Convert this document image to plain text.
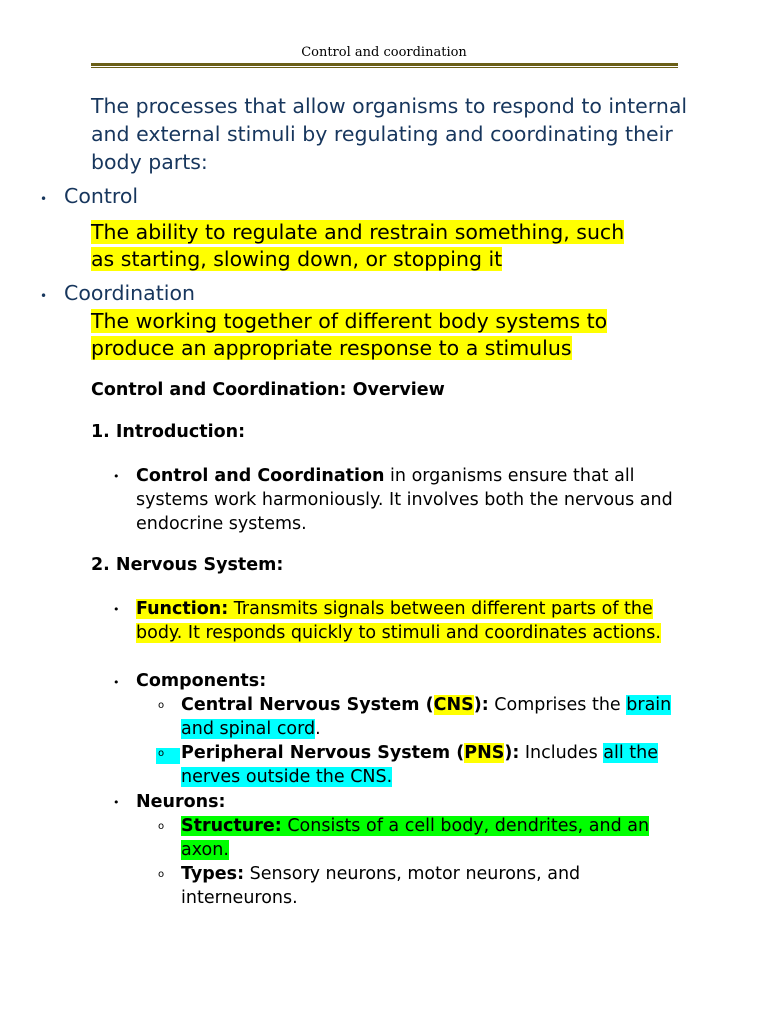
Control and coordination
The processes that allow organisms to respond to internal and external stimuli by regulating and coordinating their body parts:
• Control
The ability to regulate and restrain something, such as starting, slowing down, or stopping it
• Coordination
The working together of different body systems to produce an appropriate response to a stimulus
Control and Coordination: Overview
1. Introduction:
• Control and Coordination in organisms ensure that all systems work harmoniously. It involves both the nervous and endocrine systems.
2. Nervous System:
• Function: Transmits signals between different parts of the body. It responds quickly to stimuli and coordinates actions.
• Components:
o Central Nervous System (CNS): Comprises the brain and spinal cord.
o Peripheral Nervous System (PNS): Includes all the nerves outside the CNS.
• Neurons:
o Structure: Consists of a cell body, dendrites, and an axon.
o Types: Sensory neurons, motor neurons, and interneurons.
